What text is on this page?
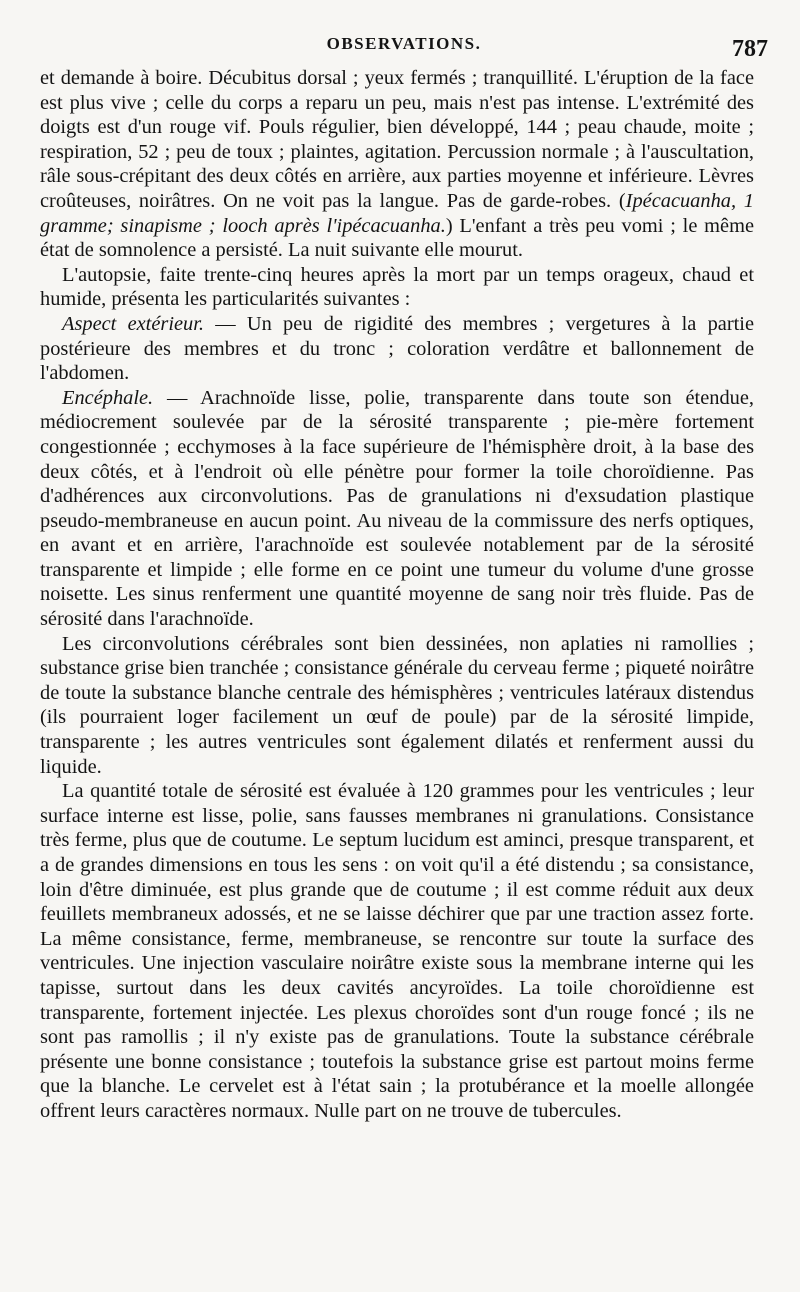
OBSERVATIONS.	787

et demande à boire. Décubitus dorsal ; yeux fermés ; tranquillité. L'éruption de la face est plus vive ; celle du corps a reparu un peu, mais n'est pas intense. L'extrémité des doigts est d'un rouge vif. Pouls régulier, bien développé, 144 ; peau chaude, moite ; respiration, 52 ; peu de toux ; plaintes, agitation. Percussion normale ; à l'auscultation, râle sous-crépitant des deux côtés en arrière, aux parties moyenne et inférieure. Lèvres croûteuses, noirâtres. On ne voit pas la langue. Pas de garde-robes. (Ipécacuanha, 1 gramme; sinapisme ; looch après l'ipécacuanha.) L'enfant a très peu vomi ; le même état de somnolence a persisté. La nuit suivante elle mourut.

L'autopsie, faite trente-cinq heures après la mort par un temps orageux, chaud et humide, présenta les particularités suivantes :

Aspect extérieur. — Un peu de rigidité des membres ; vergetures à la partie postérieure des membres et du tronc ; coloration verdâtre et ballonnement de l'abdomen.

Encéphale. — Arachnoïde lisse, polie, transparente dans toute son étendue, médiocrement soulevée par de la sérosité transparente ; pie-mère fortement congestionnée ; ecchymoses à la face supérieure de l'hémisphère droit, à la base des deux côtés, et à l'endroit où elle pénètre pour former la toile choroïdienne. Pas d'adhérences aux circonvolutions. Pas de granulations ni d'exsudation plastique pseudo-membraneuse en aucun point. Au niveau de la commissure des nerfs optiques, en avant et en arrière, l'arachnoïde est soulevée notablement par de la sérosité transparente et limpide ; elle forme en ce point une tumeur du volume d'une grosse noisette. Les sinus renferment une quantité moyenne de sang noir très fluide. Pas de sérosité dans l'arachnoïde.

Les circonvolutions cérébrales sont bien dessinées, non aplaties ni ramollies ; substance grise bien tranchée ; consistance générale du cerveau ferme ; piqueté noirâtre de toute la substance blanche centrale des hémisphères ; ventricules latéraux distendus (ils pourraient loger facilement un œuf de poule) par de la sérosité limpide, transparente ; les autres ventricules sont également dilatés et renferment aussi du liquide.

La quantité totale de sérosité est évaluée à 120 grammes pour les ventricules ; leur surface interne est lisse, polie, sans fausses membranes ni granulations. Consistance très ferme, plus que de coutume. Le septum lucidum est aminci, presque transparent, et a de grandes dimensions en tous les sens : on voit qu'il a été distendu ; sa consistance, loin d'être diminuée, est plus grande que de coutume ; il est comme réduit aux deux feuillets membraneux adossés, et ne se laisse déchirer que par une traction assez forte. La même consistance, ferme, membraneuse, se rencontre sur toute la surface des ventricules. Une injection vasculaire noirâtre existe sous la membrane interne qui les tapisse, surtout dans les deux cavités ancyroïdes. La toile choroïdienne est transparente, fortement injectée. Les plexus choroïdes sont d'un rouge foncé ; ils ne sont pas ramollis ; il n'y existe pas de granulations. Toute la substance cérébrale présente une bonne consistance ; toutefois la substance grise est partout moins ferme que la blanche. Le cervelet est à l'état sain ; la protubérance et la moelle allongée offrent leurs caractères normaux. Nulle part on ne trouve de tubercules.
